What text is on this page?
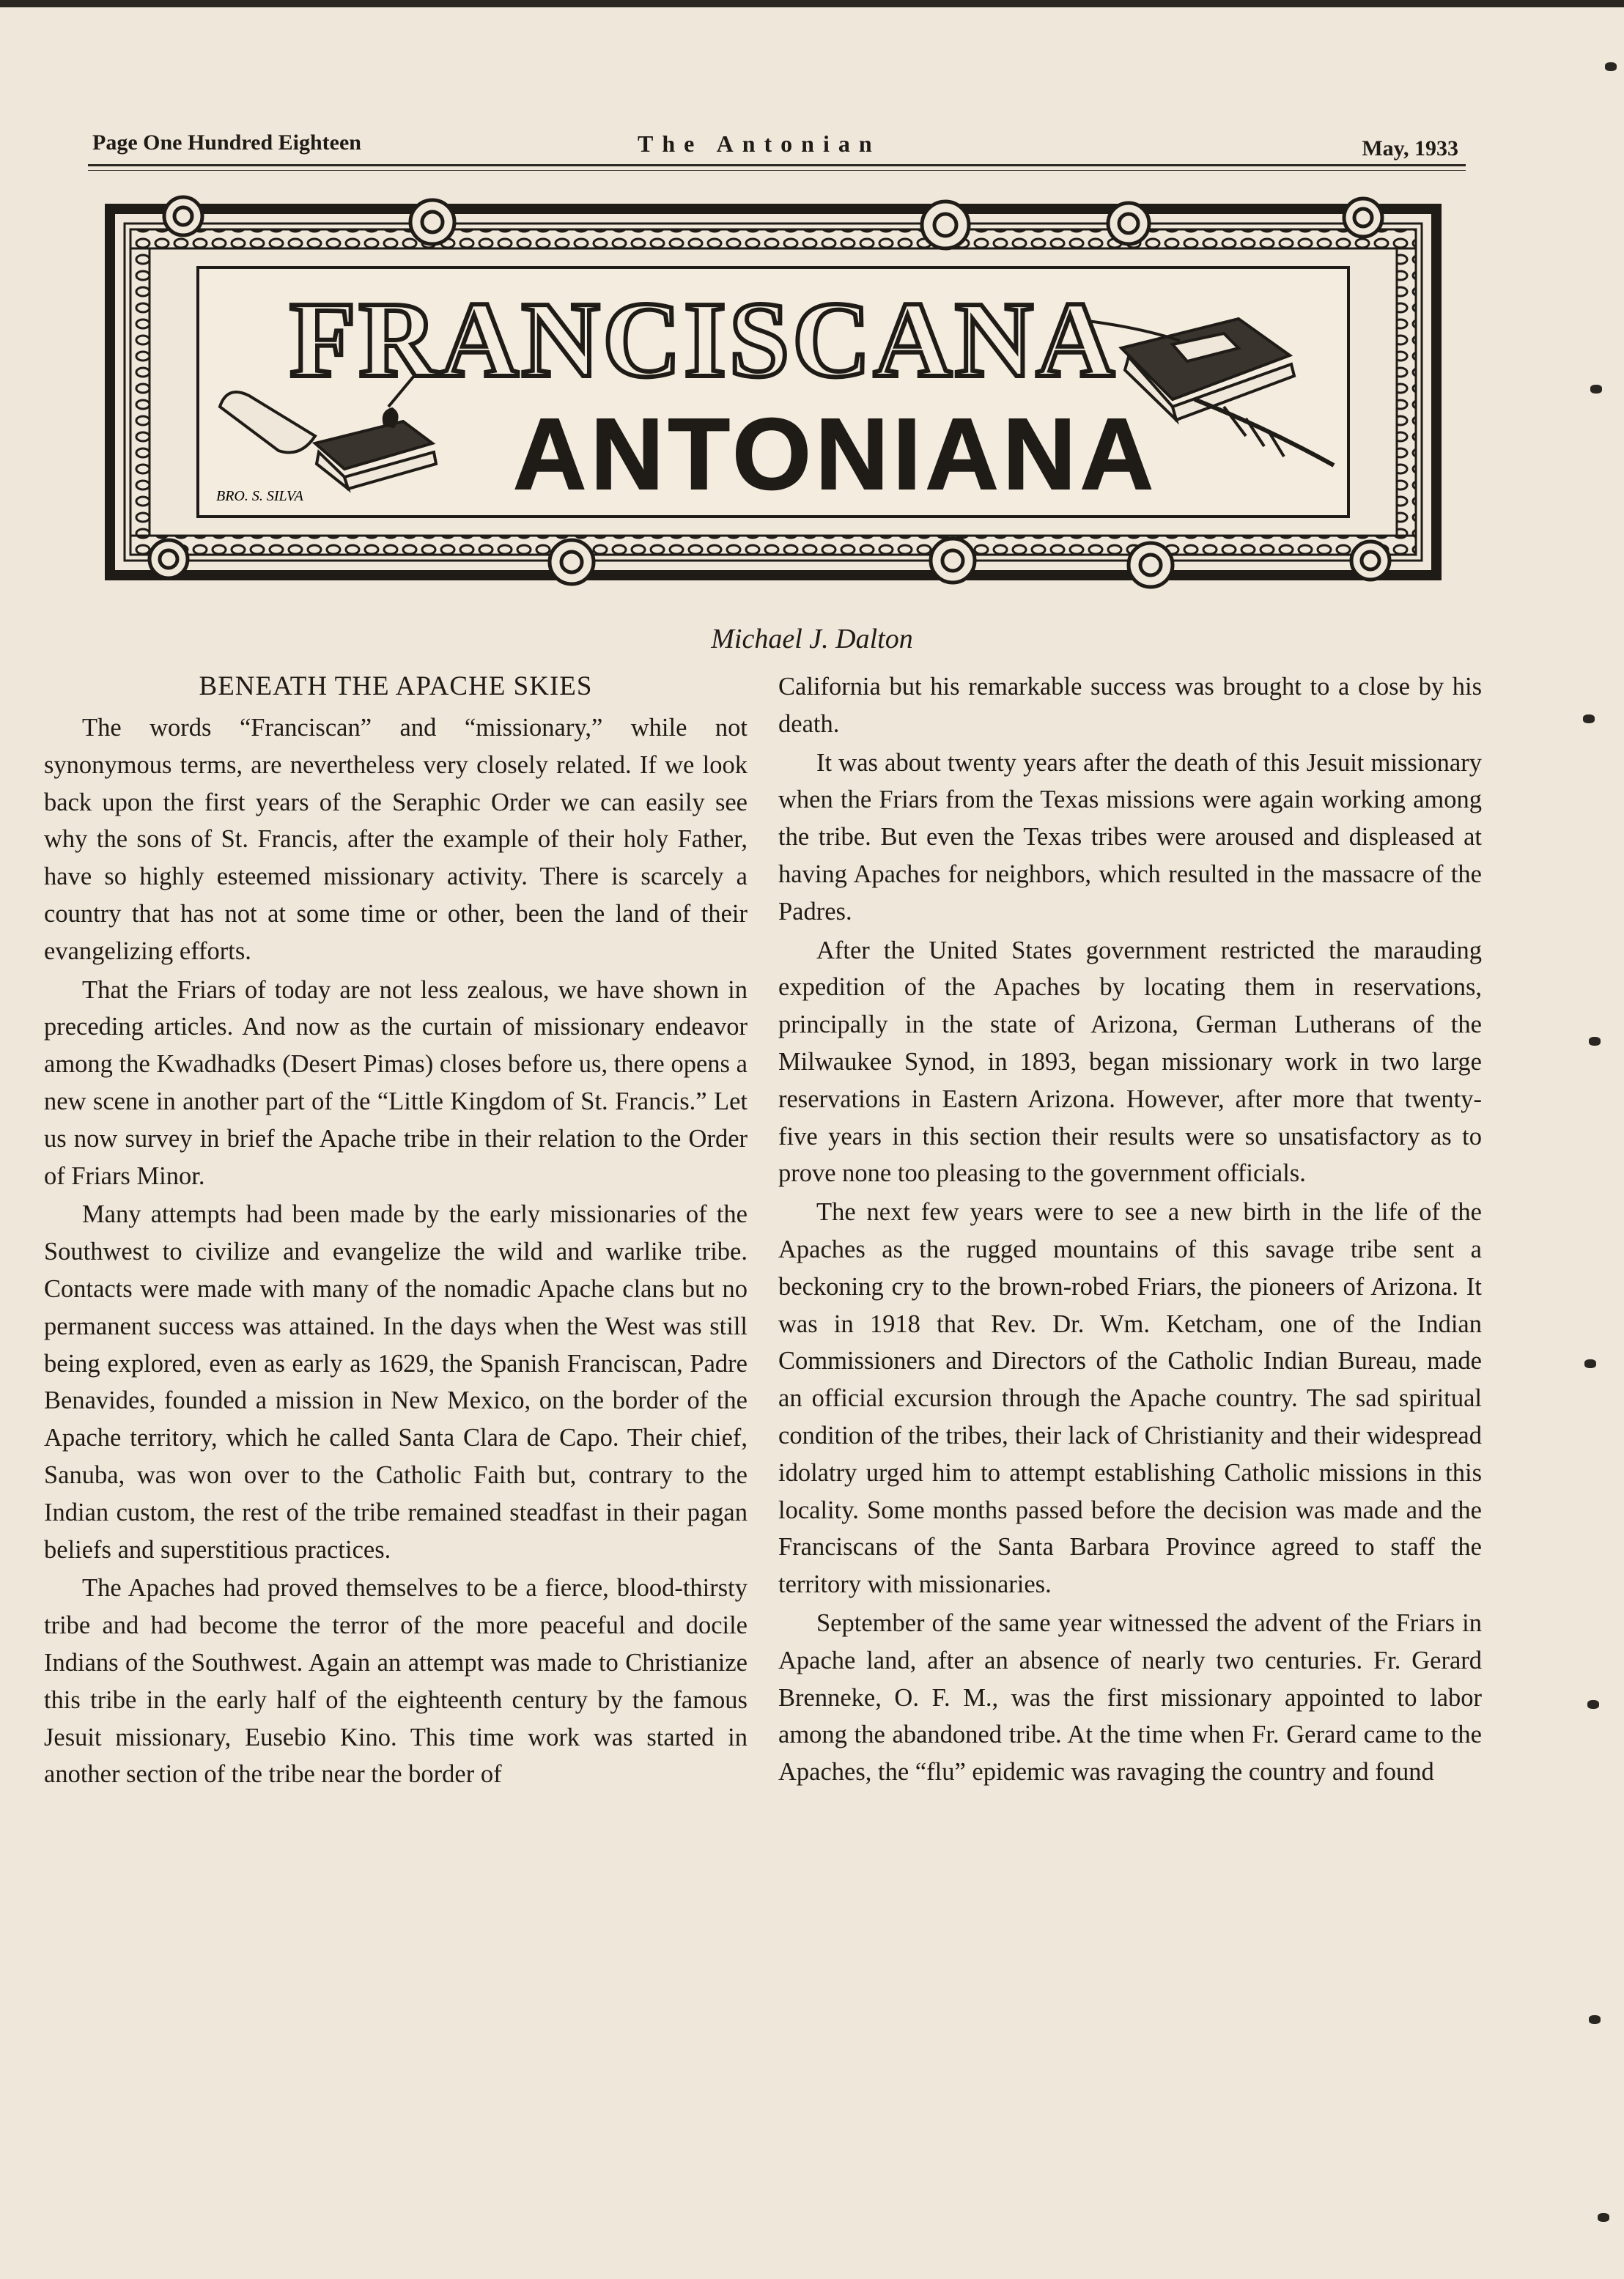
Page One Hundred Eighteen	The Antonian	May, 1933
BRO. S. SILVA
FRANCISCANA
ANTONIANA
Michael J. Dalton
BENEATH THE APACHE SKIES

The words “Franciscan” and “missionary,” while not synonymous terms, are nevertheless very closely related. If we look back upon the first years of the Seraphic Order we can easily see why the sons of St. Francis, after the example of their holy Father, have so highly esteemed missionary activity. There is scarcely a country that has not at some time or other, been the land of their evangelizing efforts.

That the Friars of today are not less zealous, we have shown in preceding articles. And now as the curtain of missionary endeavor among the Kwadhadks (Desert Pimas) closes before us, there opens a new scene in another part of the “Little Kingdom of St. Francis.” Let us now survey in brief the Apache tribe in their relation to the Order of Friars Minor.

Many attempts had been made by the early missionaries of the Southwest to civilize and evangelize the wild and warlike tribe. Contacts were made with many of the nomadic Apache clans but no permanent success was attained. In the days when the West was still being explored, even as early as 1629, the Spanish Franciscan, Padre Benavides, founded a mission in New Mexico, on the border of the Apache territory, which he called Santa Clara de Capo. Their chief, Sanuba, was won over to the Catholic Faith but, contrary to the Indian custom, the rest of the tribe remained steadfast in their pagan beliefs and superstitious practices.

The Apaches had proved themselves to be a fierce, blood-thirsty tribe and had become the terror of the more peaceful and docile Indians of the Southwest. Again an attempt was made to Christianize this tribe in the early half of the eighteenth century by the famous Jesuit missionary, Eusebio Kino. This time work was started in another section of the tribe near the border of

California but his remarkable success was brought to a close by his death.

It was about twenty years after the death of this Jesuit missionary when the Friars from the Texas missions were again working among the tribe. But even the Texas tribes were aroused and displeased at having Apaches for neighbors, which resulted in the massacre of the Padres.

After the United States government restricted the marauding expedition of the Apaches by locating them in reservations, principally in the state of Arizona, German Lutherans of the Milwaukee Synod, in 1893, began missionary work in two large reservations in Eastern Arizona. However, after more that twenty-five years in this section their results were so unsatisfactory as to prove none too pleasing to the government officials.

The next few years were to see a new birth in the life of the Apaches as the rugged mountains of this savage tribe sent a beckoning cry to the brown-robed Friars, the pioneers of Arizona. It was in 1918 that Rev. Dr. Wm. Ketcham, one of the Indian Commissioners and Directors of the Catholic Indian Bureau, made an official excursion through the Apache country. The sad spiritual condition of the tribes, their lack of Christianity and their widespread idolatry urged him to attempt establishing Catholic missions in this locality. Some months passed before the decision was made and the Franciscans of the Santa Barbara Province agreed to staff the territory with missionaries.

September of the same year witnessed the advent of the Friars in Apache land, after an absence of nearly two centuries. Fr. Gerard Brenneke, O. F. M., was the first missionary appointed to labor among the abandoned tribe. At the time when Fr. Gerard came to the Apaches, the “flu” epidemic was ravaging the country and found
